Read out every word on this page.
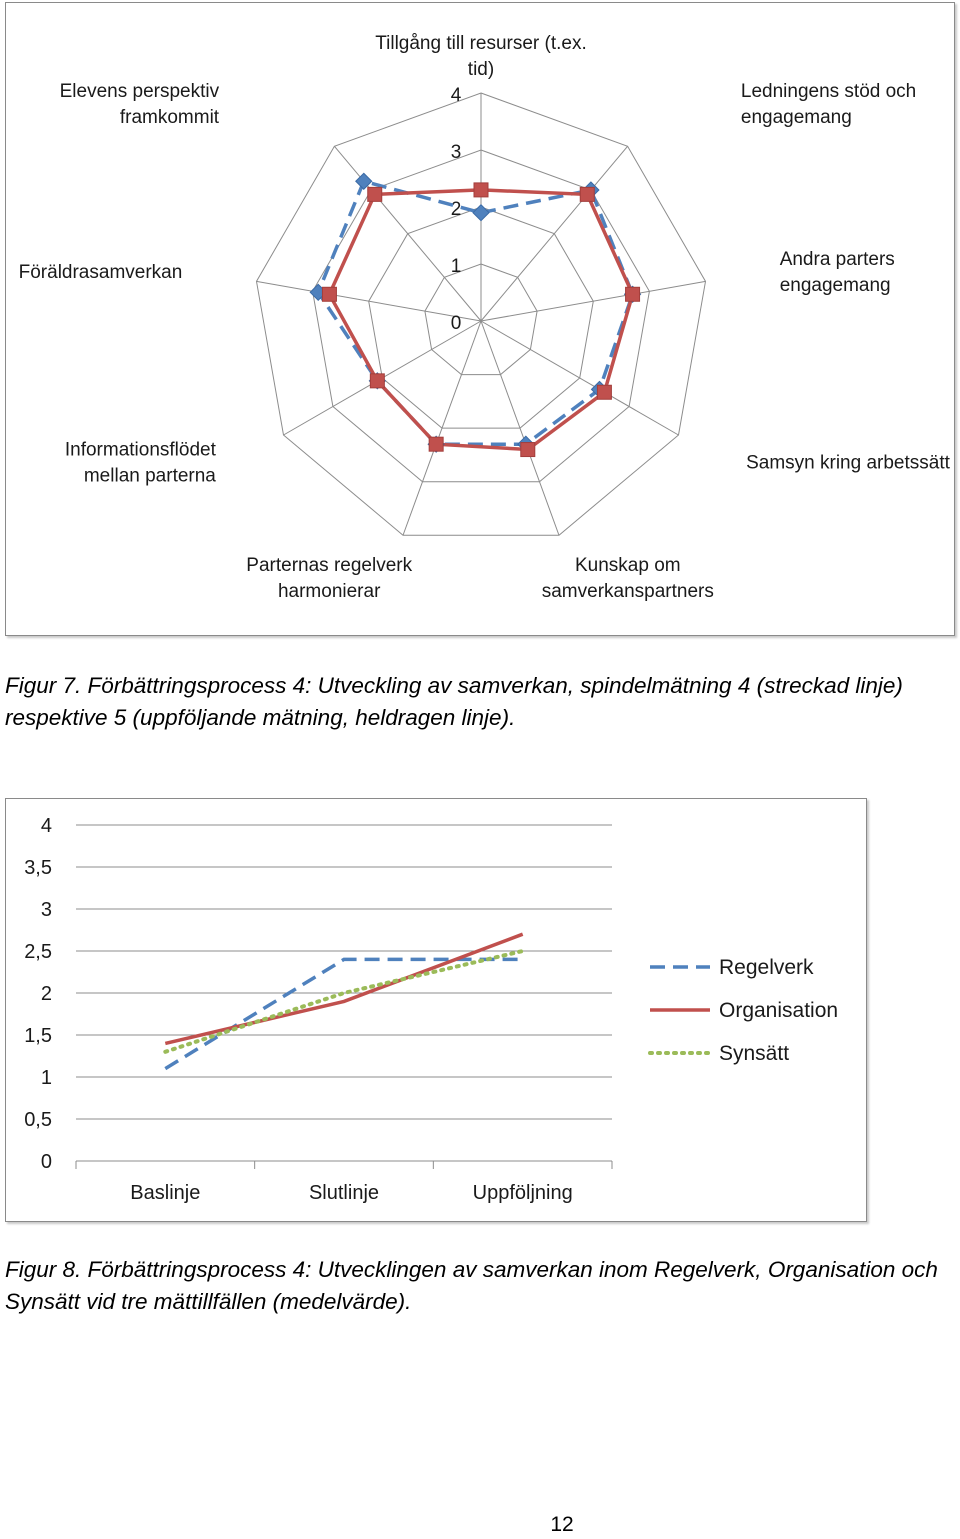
0
1
2
3
4
Tillgång till resurser (t.ex.
tid)
Ledningens stöd och
engagemang
Andra parters
engagemang
Samsyn kring arbetssätt
Kunskap om
samverkanspartners
Parternas regelverk
harmonierar
Informationsflödet
mellan parterna
Föräldrasamverkan
Elevens perspektiv
framkommit
Figur 7. Förbättringsprocess 4: Utveckling av samverkan, spindelmätning 4 (streckad linje) respektive 5 (uppföljande mätning, heldragen linje).
0
0,5
1
1,5
2
2,5
3
3,5
4
Baslinje	Slutlinje	Uppföljning
Regelverk
Organisation
Synsätt
Figur 8. Förbättringsprocess 4: Utvecklingen av samverkan inom Regelverk, Organisation och Synsätt vid tre mättillfällen (medelvärde).
12
